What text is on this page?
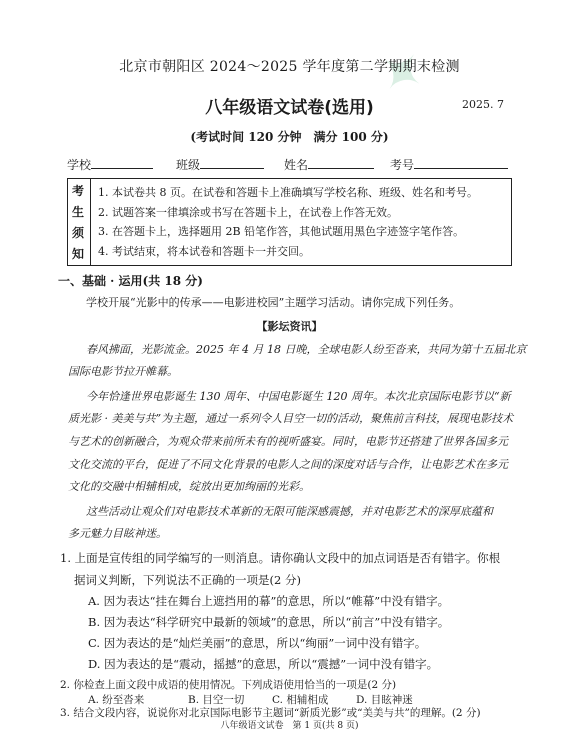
✦
北京市朝阳区 2024～2025 学年度第二学期期末检测
八年级语文试卷(选用)	2025. 7
(考试时间 120 分钟　满分 100 分)
学校	班级	姓名	考号
考
生
须
知
1. 本试卷共 8 页。在试卷和答题卡上准确填写学校名称、班级、姓名和考号。
2. 试题答案一律填涂或书写在答题卡上，在试卷上作答无效。
3. 在答题卡上，选择题用 2B 铅笔作答，其他试题用黑色字迹签字笔作答。
4. 考试结束，将本试卷和答题卡一并交回。
一、基础 · 运用(共 18 分)
学校开展“光影中的传承——电影进校园”主题学习活动。请你完成下列任务。
【影坛资讯】
春风拂面，光影流金。2025 年 4 月 18 日晚，全球电影人纷至沓来，共同为第十五届北京
国际电影节拉开帷幕。
今年恰逢世界电影诞生 130 周年、中国电影诞生 120 周年。本次北京国际电影节以“新
质光影 · 美美与共”为主题，通过一系列令人目空一切的活动，聚焦前言科技，展现电影技术
与艺术的创新融合，为观众带来前所未有的视听盛宴。同时，电影节还搭建了世界各国多元
文化交流的平台，促进了不同文化背景的电影人之间的深度对话与合作，让电影艺术在多元
文化的交融中相辅相成，绽放出更加绚丽的光彩。
这些活动让观众们对电影技术革新的无限可能深感震撼，并对电影艺术的深厚底蕴和
多元魅力目眩神迷。
1. 上面是宣传组的同学编写的一则消息。请你确认文段中的加点词语是否有错字。你根
据词义判断，下列说法不正确的一项是(2 分)
A. 因为表达“挂在舞台上遮挡用的幕”的意思，所以“帷幕”中没有错字。
B. 因为表达“科学研究中最新的领域”的意思，所以“前言”中没有错字。
C. 因为表达的是“灿烂美丽”的意思，所以“绚丽”一词中没有错字。
D. 因为表达的是“震动，摇撼”的意思，所以“震撼”一词中没有错字。
八年级语文试卷　第 1 页(共 8 页)
2. 你检查上面文段中成语的使用情况。下列成语使用恰当的一项是(2 分)
A. 纷至沓来	B. 目空一切	C. 相辅相成	D. 目眩神迷
3. 结合文段内容，说说你对北京国际电影节主题词“新质光影”或“美美与共”的理解。(2 分)
